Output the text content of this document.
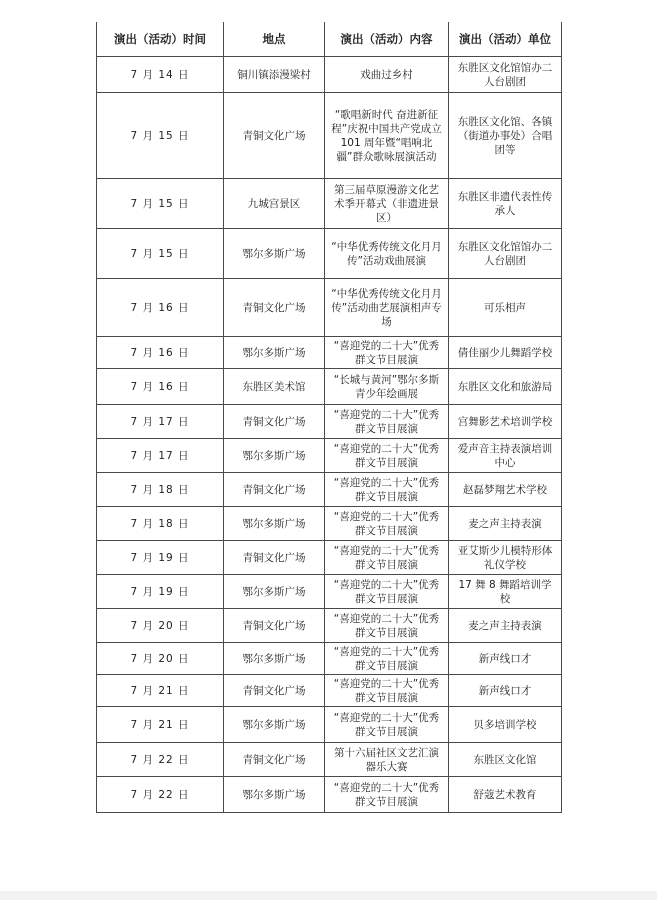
演出（活动）时间	地点	演出（活动）内容	演出（活动）单位
7 月 14 日	铜川镇添漫梁村	戏曲过乡村	东胜区文化馆馆办二人台剧团
7 月 15 日	青铜文化广场	“歌唱新时代 奋进新征程”庆祝中国共产党成立 101 周年暨“唱响北疆”群众歌咏展演活动	东胜区文化馆、各镇（街道办事处）合唱团等
7 月 15 日	九城宫景区	第三届草原漫游文化艺术季开幕式（非遗进景区）	东胜区非遗代表性传承人
7 月 15 日	鄂尔多斯广场	“中华优秀传统文化月月传”活动戏曲展演	东胜区文化馆馆办二人台剧团
7 月 16 日	青铜文化广场	“中华优秀传统文化月月传”活动曲艺展演相声专场	可乐相声
7 月 16 日	鄂尔多斯广场	“喜迎党的二十大”优秀群文节目展演	倩佳丽少儿舞蹈学校
7 月 16 日	东胜区美术馆	“长城与黄河”鄂尔多斯青少年绘画展	东胜区文化和旅游局
7 月 17 日	青铜文化广场	“喜迎党的二十大”优秀群文节目展演	宫舞影艺术培训学校
7 月 17 日	鄂尔多斯广场	“喜迎党的二十大”优秀群文节目展演	爱声音主持表演培训中心
7 月 18 日	青铜文化广场	“喜迎党的二十大”优秀群文节目展演	赵磊梦翔艺术学校
7 月 18 日	鄂尔多斯广场	“喜迎党的二十大”优秀群文节目展演	麦之声主持表演
7 月 19 日	青铜文化广场	“喜迎党的二十大”优秀群文节目展演	亚艾斯少儿模特形体礼仪学校
7 月 19 日	鄂尔多斯广场	“喜迎党的二十大”优秀群文节目展演	17 舞 8 舞蹈培训学校
7 月 20 日	青铜文化广场	“喜迎党的二十大”优秀群文节目展演	麦之声主持表演
7 月 20 日	鄂尔多斯广场	“喜迎党的二十大”优秀群文节目展演	新声线口才
7 月 21 日	青铜文化广场	“喜迎党的二十大”优秀群文节目展演	新声线口才
7 月 21 日	鄂尔多斯广场	“喜迎党的二十大”优秀群文节目展演	贝多培训学校
7 月 22 日	青铜文化广场	第十六届社区文艺汇演器乐大赛	东胜区文化馆
7 月 22 日	鄂尔多斯广场	“喜迎党的二十大”优秀群文节目展演	舒蔻艺术教育
